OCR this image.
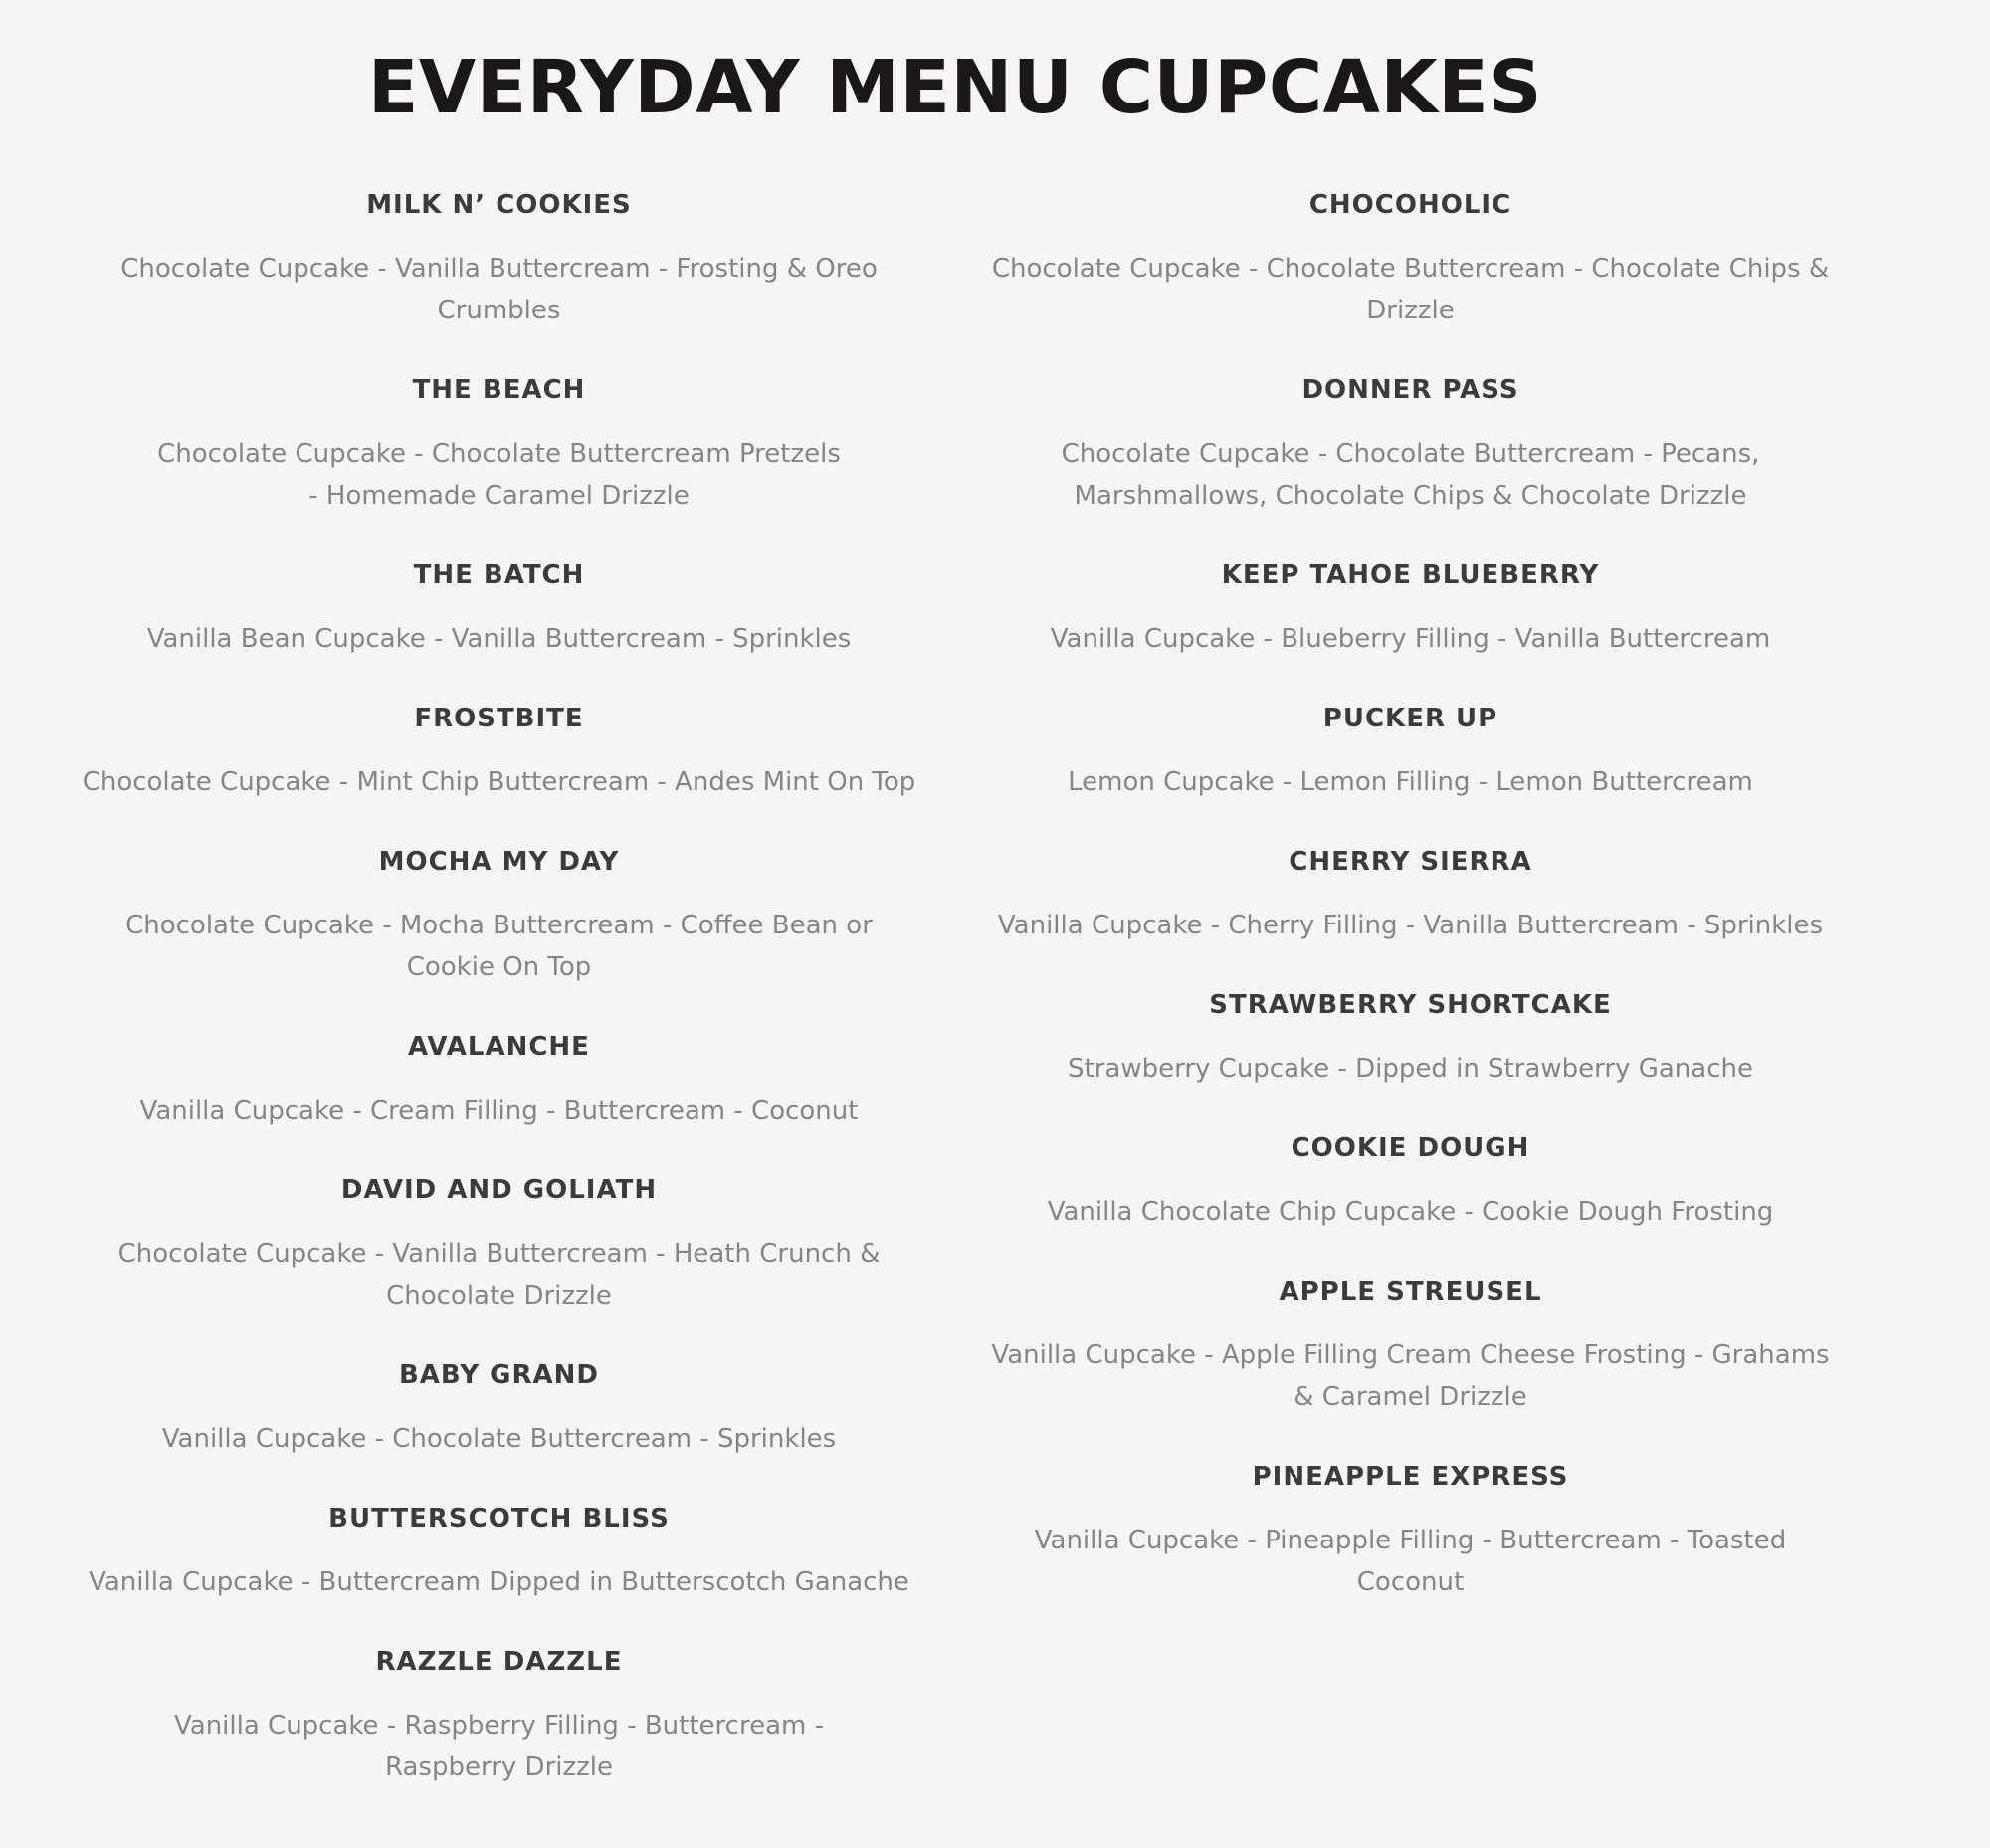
EVERYDAY MENU CUPCAKES
MILK N’ COOKIES

Chocolate Cupcake - Vanilla Buttercream - Frosting & Oreo Crumbles

THE BEACH

Chocolate Cupcake - Chocolate Buttercream Pretzels - Homemade Caramel Drizzle

THE BATCH

Vanilla Bean Cupcake - Vanilla Buttercream - Sprinkles

FROSTBITE

Chocolate Cupcake - Mint Chip Buttercream - Andes Mint On Top

MOCHA MY DAY

Chocolate Cupcake - Mocha Buttercream - Coffee Bean or Cookie On Top

AVALANCHE

Vanilla Cupcake - Cream Filling - Buttercream - Coconut

DAVID AND GOLIATH

Chocolate Cupcake - Vanilla Buttercream - Heath Crunch & Chocolate Drizzle

BABY GRAND

Vanilla Cupcake - Chocolate Buttercream - Sprinkles

BUTTERSCOTCH BLISS

Vanilla Cupcake - Buttercream Dipped in Butterscotch Ganache

RAZZLE DAZZLE

Vanilla Cupcake - Raspberry Filling - Buttercream - Raspberry Drizzle

CHOCOHOLIC

Chocolate Cupcake - Chocolate Buttercream - Chocolate Chips & Drizzle

DONNER PASS

Chocolate Cupcake - Chocolate Buttercream - Pecans, Marshmallows, Chocolate Chips & Chocolate Drizzle

KEEP TAHOE BLUEBERRY

Vanilla Cupcake - Blueberry Filling - Vanilla Buttercream

PUCKER UP

Lemon Cupcake - Lemon Filling - Lemon Buttercream

CHERRY SIERRA

Vanilla Cupcake - Cherry Filling - Vanilla Buttercream - Sprinkles

STRAWBERRY SHORTCAKE

Strawberry Cupcake - Dipped in Strawberry Ganache

COOKIE DOUGH

Vanilla Chocolate Chip Cupcake - Cookie Dough Frosting

APPLE STREUSEL

Vanilla Cupcake - Apple Filling Cream Cheese Frosting - Grahams & Caramel Drizzle

PINEAPPLE EXPRESS

Vanilla Cupcake - Pineapple Filling - Buttercream - Toasted Coconut
